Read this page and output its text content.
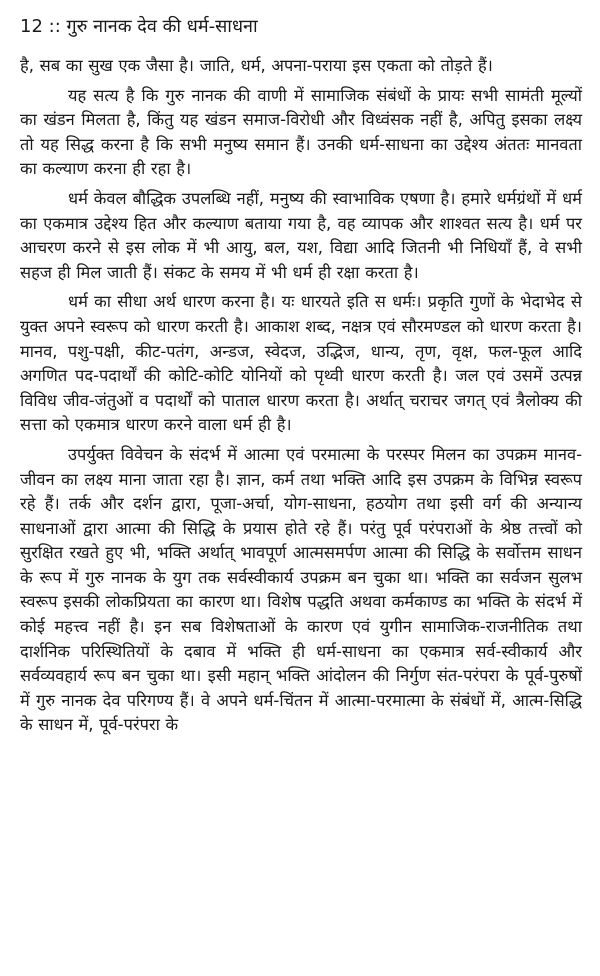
12 :: गुरु नानक देव की धर्म-साधना

है, सब का सुख एक जैसा है। जाति, धर्म, अपना-पराया इस एकता को तोड़ते हैं।

यह सत्य है कि गुरु नानक की वाणी में सामाजिक संबंधों के प्रायः सभी सामंती मूल्यों का खंडन मिलता है, किंतु यह खंडन समाज-विरोधी और विध्वंसक नहीं है, अपितु इसका लक्ष्य तो यह सिद्ध करना है कि सभी मनुष्य समान हैं। उनकी धर्म-साधना का उद्देश्य अंततः मानवता का कल्याण करना ही रहा है।

धर्म केवल बौद्धिक उपलब्धि नहीं, मनुष्य की स्वाभाविक एषणा है। हमारे धर्मग्रंथों में धर्म का एकमात्र उद्देश्य हित और कल्याण बताया गया है, वह व्यापक और शाश्वत सत्य है। धर्म पर आचरण करने से इस लोक में भी आयु, बल, यश, विद्या आदि जितनी भी निधियाँ हैं, वे सभी सहज ही मिल जाती हैं। संकट के समय में भी धर्म ही रक्षा करता है।

धर्म का सीधा अर्थ धारण करना है। यः धारयते इति स धर्मः। प्रकृति गुणों के भेदाभेद से युक्त अपने स्वरूप को धारण करती है। आकाश शब्द, नक्षत्र एवं सौरमण्डल को धारण करता है। मानव, पशु-पक्षी, कीट-पतंग, अन्डज, स्वेदज, उद्भिज, धान्य, तृण, वृक्ष, फल-फूल आदि अगणित पद-पदार्थों की कोटि-कोटि योनियों को पृथ्वी धारण करती है। जल एवं उसमें उत्पन्न विविध जीव-जंतुओं व पदार्थों को पाताल धारण करता है। अर्थात् चराचर जगत् एवं त्रैलोक्य की सत्ता को एकमात्र धारण करने वाला धर्म ही है।

उपर्युक्त विवेचन के संदर्भ में आत्मा एवं परमात्मा के परस्पर मिलन का उपक्रम मानव-जीवन का लक्ष्य माना जाता रहा है। ज्ञान, कर्म तथा भक्ति आदि इस उपक्रम के विभिन्न स्वरूप रहे हैं। तर्क और दर्शन द्वारा, पूजा-अर्चा, योग-साधना, हठयोग तथा इसी वर्ग की अन्यान्य साधनाओं द्वारा आत्मा की सिद्धि के प्रयास होते रहे हैं। परंतु पूर्व परंपराओं के श्रेष्ठ तत्त्वों को सुरक्षित रखते हुए भी, भक्ति अर्थात् भावपूर्ण आत्मसमर्पण आत्मा की सिद्धि के सर्वोत्तम साधन के रूप में गुरु नानक के युग तक सर्वस्वीकार्य उपक्रम बन चुका था। भक्ति का सर्वजन सुलभ स्वरूप इसकी लोकप्रियता का कारण था। विशेष पद्धति अथवा कर्मकाण्ड का भक्ति के संदर्भ में कोई महत्त्व नहीं है। इन सब विशेषताओं के कारण एवं युगीन सामाजिक-राजनीतिक तथा दार्शनिक परिस्थितियों के दबाव में भक्ति ही धर्म-साधना का एकमात्र सर्व-स्वीकार्य और सर्वव्यवहार्य रूप बन चुका था। इसी महान् भक्ति आंदोलन की निर्गुण संत-परंपरा के पूर्व-पुरुषों में गुरु नानक देव परिगण्य हैं। वे अपने धर्म-चिंतन में आत्मा-परमात्मा के संबंधों में, आत्म-सिद्धि के साधन में, पूर्व-परंपरा के
